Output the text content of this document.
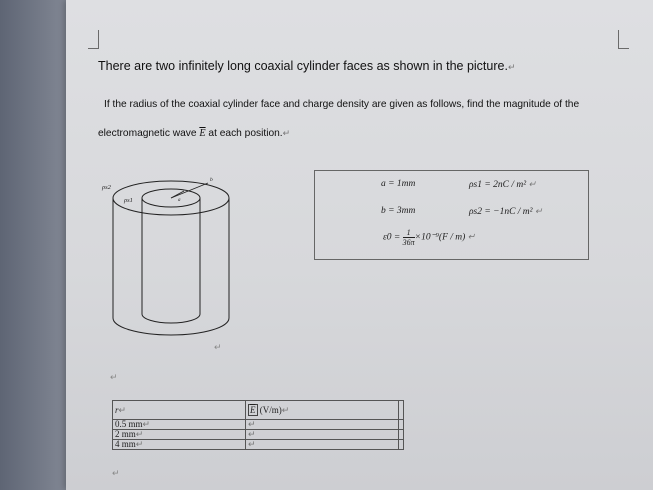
There are two infinitely long coaxial cylinder faces as shown in the picture.↵
If the radius of the coaxial cylinder face and charge density are given as follows, find the magnitude of the
electromagnetic wave $\overline{E}$ at each position.↵
ρs2
ρs1
b
a
↵
↵
a = 1mm	ρs1 = 2nC / m² ↵
b = 3mm	ρs2 = −1nC / m² ↵
$\varepsilon 0 = \frac{1}{36\pi} \times 10^{-9}(F / m)$ ↵
r↵	$\overline{E}$ (V/m)↵	
0.5 mm↵	↵	
2 mm↵	↵	
4 mm↵	↵	
↵
